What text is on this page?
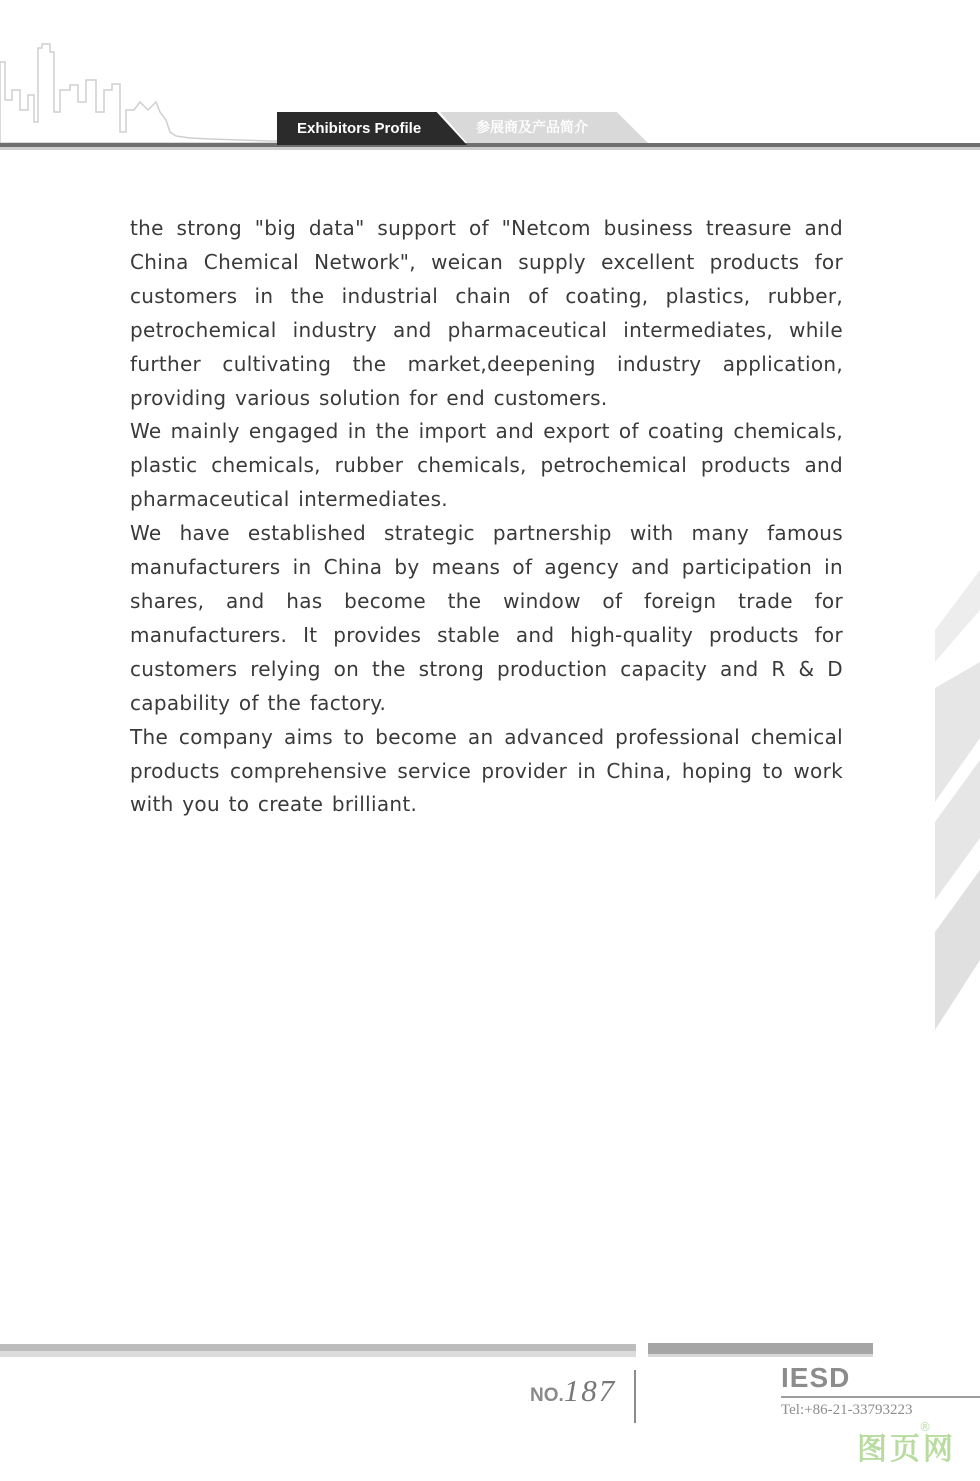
Exhibitors Profile	参展商及产品简介

the strong "big data" support of "Netcom business treasure and China Chemical Network", weican supply excellent products for customers in the industrial chain of coating, plastics, rubber, petrochemical industry and pharmaceutical intermediates, while further cultivating the market,deepening industry application, providing various solution for end customers.

We mainly engaged in the import and export of coating chemicals, plastic chemicals, rubber chemicals, petrochemical products and pharmaceutical intermediates.

We have established strategic partnership with many famous manufacturers in China by means of agency and participation in shares, and has become the window of foreign trade for manufacturers. It provides stable and high-quality products for customers relying on the strong production capacity and R & D capability of the factory.

The company aims to become an advanced professional chemical products comprehensive service provider in China, hoping to work with you to create brilliant.

NO.187	IESD
Tel:+86-21-33793223
图页网
®
